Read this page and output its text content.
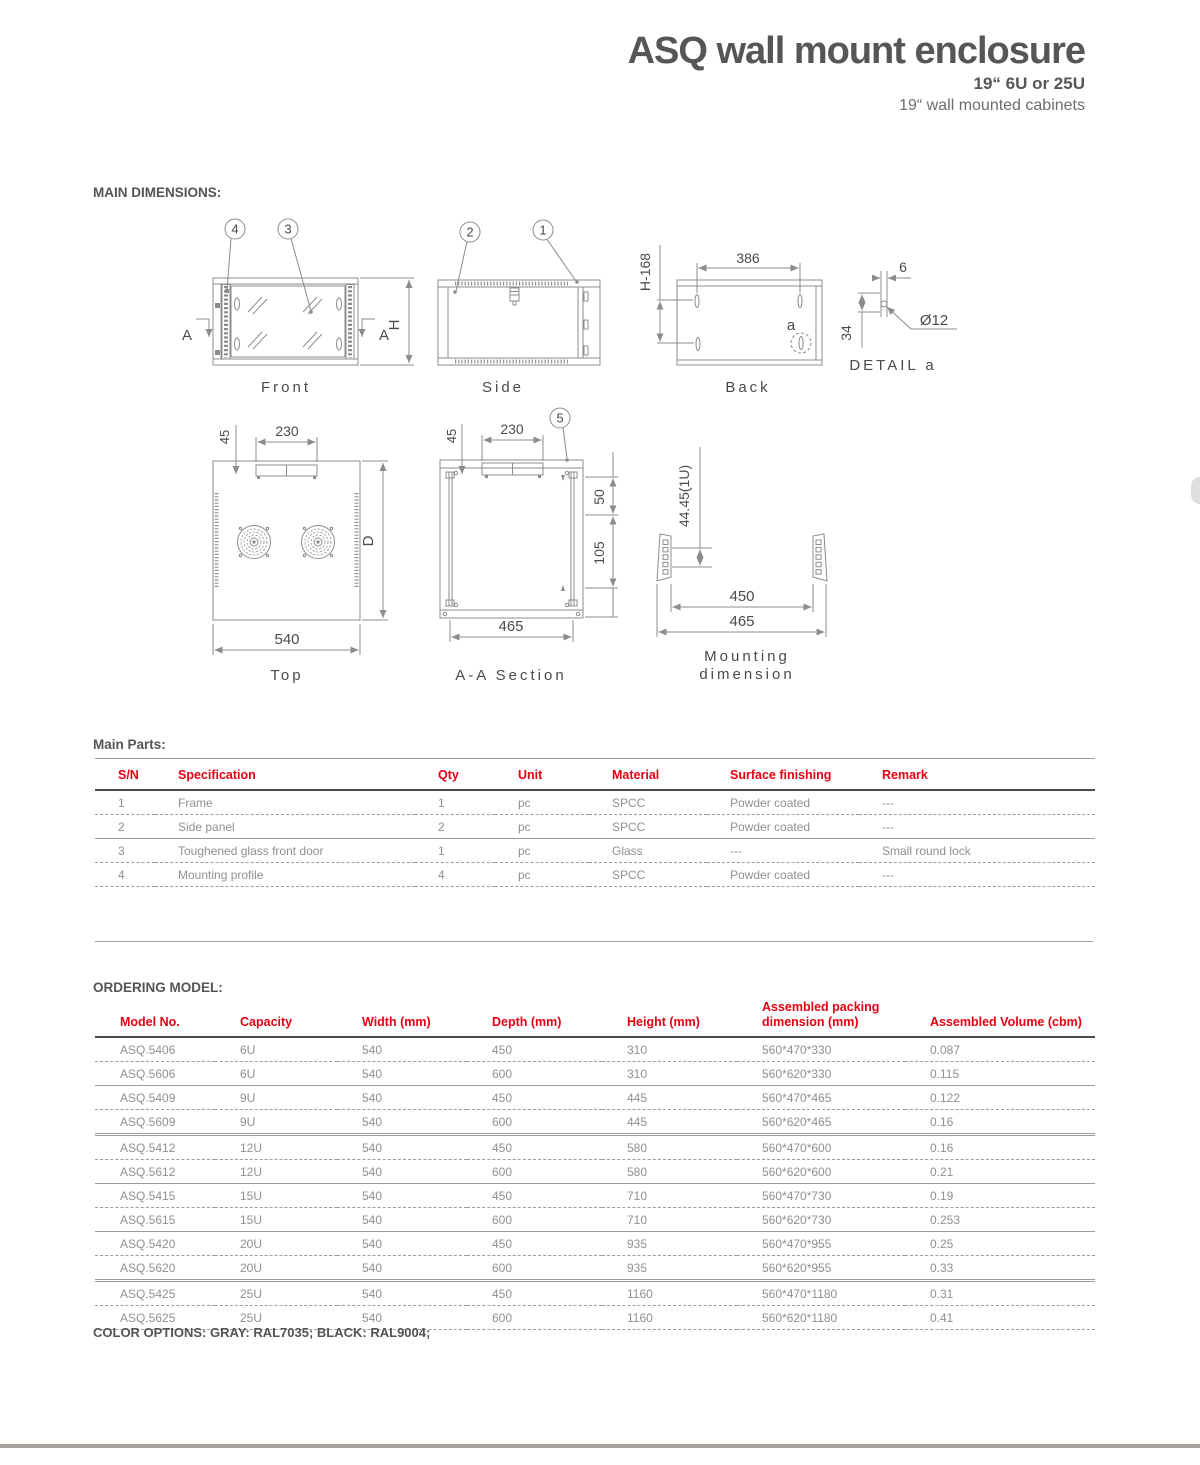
ASQ wall mount enclosure
19“ 6U or 25U
19“ wall mounted cabinets
MAIN DIMENSIONS:
4	3
A	A
H
Front
2	1
Side
a
386
H-168
Back
6
34
Ø12
DETAIL a
45	230
D
540
Top
5
45	230
50
105
465
A-A Section
44.45(1U)
450
465
Mounting
dimension
Main Parts:
S/N	Specification	Qty	Unit	Material	Surface finishing	Remark
1	Frame	1	pc	SPCC	Powder coated	---
2	Side panel	2	pc	SPCC	Powder coated	---
3	Toughened glass front door	1	pc	Glass	---	Small round lock
4	Mounting profile	4	pc	SPCC	Powder coated	---
ORDERING MODEL:
Model No.	Capacity	Width (mm)	Depth (mm)	Height (mm)	Assembled packing dimension (mm)	Assembled Volume (cbm)
ASQ.5406	6U	540	450	310	560*470*330	0.087
ASQ.5606	6U	540	600	310	560*620*330	0.115
ASQ.5409	9U	540	450	445	560*470*465	0.122
ASQ.5609	9U	540	600	445	560*620*465	0.16
ASQ.5412	12U	540	450	580	560*470*600	0.16
ASQ.5612	12U	540	600	580	560*620*600	0.21
ASQ.5415	15U	540	450	710	560*470*730	0.19
ASQ.5615	15U	540	600	710	560*620*730	0.253
ASQ.5420	20U	540	450	935	560*470*955	0.25
ASQ.5620	20U	540	600	935	560*620*955	0.33
ASQ.5425	25U	540	450	1160	560*470*1180	0.31
ASQ.5625	25U	540	600	1160	560*620*1180	0.41
COLOR OPTIONS: GRAY: RAL7035; BLACK: RAL9004;
